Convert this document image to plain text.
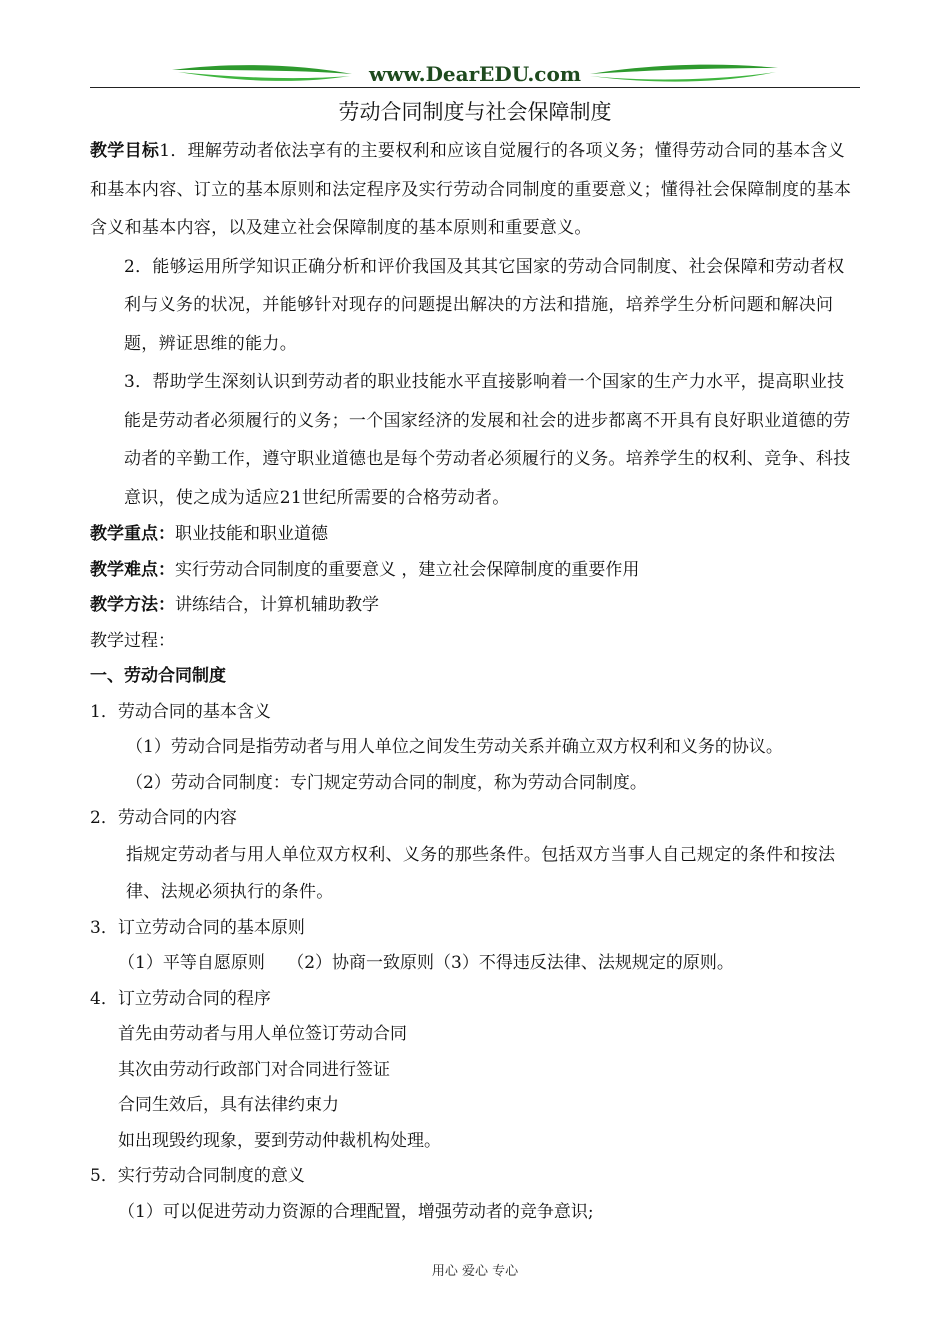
www.DearEDU.com
劳动合同制度与社会保障制度

教学目标1．理解劳动者依法享有的主要权利和应该自觉履行的各项义务；懂得劳动合同的基本含义和基本内容、订立的基本原则和法定程序及实行劳动合同制度的重要意义；懂得社会保障制度的基本含义和基本内容，以及建立社会保障制度的基本原则和重要意义。

2．能够运用所学知识正确分析和评价我国及其其它国家的劳动合同制度、社会保障和劳动者权利与义务的状况，并能够针对现存的问题提出解决的方法和措施，培养学生分析问题和解决问题，辨证思维的能力。

3．帮助学生深刻认识到劳动者的职业技能水平直接影响着一个国家的生产力水平，提高职业技能是劳动者必须履行的义务；一个国家经济的发展和社会的进步都离不开具有良好职业道德的劳动者的辛勤工作，遵守职业道德也是每个劳动者必须履行的义务。培养学生的权利、竞争、科技意识，使之成为适应21世纪所需要的合格劳动者。

教学重点：职业技能和职业道德

教学难点：实行劳动合同制度的重要意义 ，建立社会保障制度的重要作用

教学方法：讲练结合，计算机辅助教学

教学过程：

一、劳动合同制度

1．劳动合同的基本含义

（1）劳动合同是指劳动者与用人单位之间发生劳动关系并确立双方权利和义务的协议。

（2）劳动合同制度：专门规定劳动合同的制度，称为劳动合同制度。

2．劳动合同的内容

指规定劳动者与用人单位双方权利、义务的那些条件。包括双方当事人自己规定的条件和按法律、法规必须执行的条件。

3．订立劳动合同的基本原则

（1）平等自愿原则　 （2）协商一致原则（3）不得违反法律、法规规定的原则。

4．订立劳动合同的程序

首先由劳动者与用人单位签订劳动合同

其次由劳动行政部门对合同进行签证

合同生效后，具有法律约束力

如出现毁约现象，要到劳动仲裁机构处理。

5．实行劳动合同制度的意义

（1）可以促进劳动力资源的合理配置，增强劳动者的竞争意识;

用心 爱心 专心
